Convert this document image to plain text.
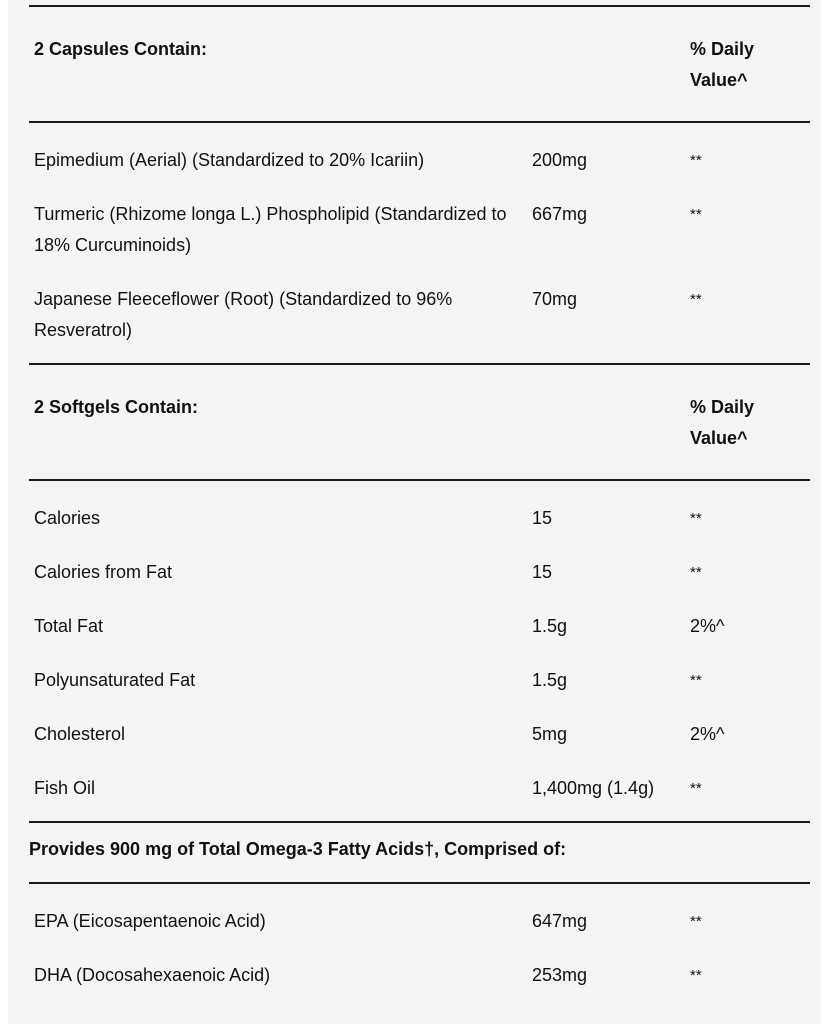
2 Capsules Contain:		% Daily Value^

Epimedium (Aerial) (Standardized to 20% Icariin)	200mg	**
Turmeric (Rhizome longa L.) Phospholipid (Standardized to 18% Curcuminoids)	667mg	**
Japanese Fleeceflower (Root) (Standardized to 96% Resveratrol)	70mg	**

2 Softgels Contain:		% Daily Value^

Calories	15	**
Calories from Fat	15	**
Total Fat	1.5g	2%^
Polyunsaturated Fat	1.5g	**
Cholesterol	5mg	2%^
Fish Oil	1,400mg (1.4g)	**

Provides 900 mg of Total Omega-3 Fatty Acids†, Comprised of:		

EPA (Eicosapentaenoic Acid)	647mg	**
DHA (Docosahexaenoic Acid)	253mg	**
